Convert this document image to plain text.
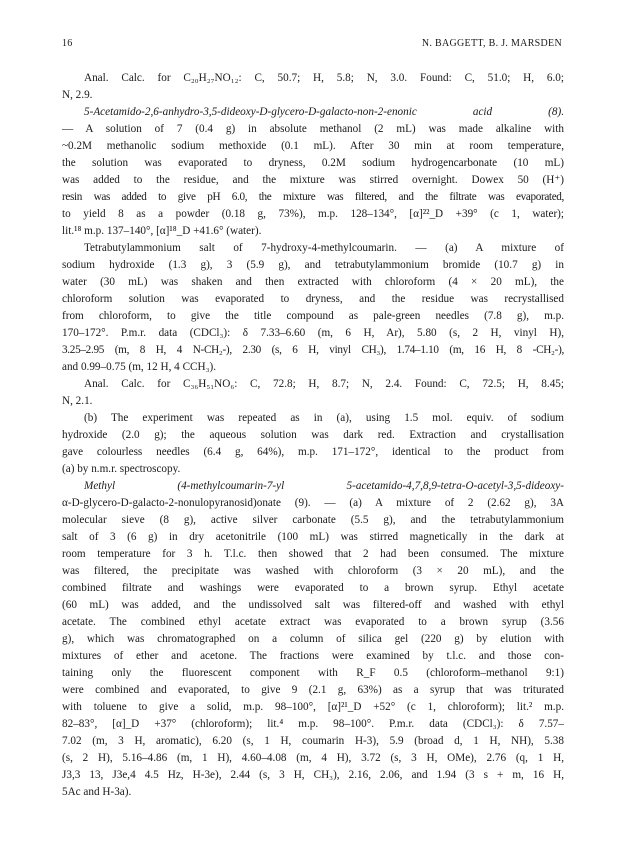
16	N. BAGGETT, B. J. MARSDEN
Anal. Calc. for C₂₀H₂₇NO₁₂: C, 50.7; H, 5.8; N, 3.0. Found: C, 51.0; H, 6.0;
N, 2.9.
5-Acetamido-2,6-anhydro-3,5-dideoxy-D-glycero-D-galacto-non-2-enonic acid (8).
— A solution of 7 (0.4 g) in absolute methanol (2 mL) was made alkaline with
~0.2M methanolic sodium methoxide (0.1 mL). After 30 min at room temperature,
the solution was evaporated to dryness, 0.2M sodium hydrogencarbonate (10 mL)
was added to the residue, and the mixture was stirred overnight. Dowex 50 (H⁺)
resin was added to give pH 6.0, the mixture was filtered, and the filtrate was evaporated,
to yield 8 as a powder (0.18 g, 73%), m.p. 128–134°, [α]²²_D +39° (c 1, water);
lit.¹⁸ m.p. 137–140°, [α]¹⁸_D +41.6° (water).
Tetrabutylammonium salt of 7-hydroxy-4-methylcoumarin. — (a) A mixture of
sodium hydroxide (1.3 g), 3 (5.9 g), and tetrabutylammonium bromide (10.7 g) in
water (30 mL) was shaken and then extracted with chloroform (4 × 20 mL), the
chloroform solution was evaporated to dryness, and the residue was recrystallised
from chloroform, to give the title compound as pale-green needles (7.8 g), m.p.
170–172°. P.m.r. data (CDCl₃): δ 7.33–6.60 (m, 6 H, Ar), 5.80 (s, 2 H, vinyl H),
3.25–2.95 (m, 8 H, 4 N-CH₂-), 2.30 (s, 6 H, vinyl CH₃), 1.74–1.10 (m, 16 H, 8 -CH₂-),
and 0.99–0.75 (m, 12 H, 4 CCH₃).
Anal. Calc. for C₃₆H₅₁NO₆: C, 72.8; H, 8.7; N, 2.4. Found: C, 72.5; H, 8.45;
N, 2.1.
(b) The experiment was repeated as in (a), using 1.5 mol. equiv. of sodium
hydroxide (2.0 g); the aqueous solution was dark red. Extraction and crystallisation
gave colourless needles (6.4 g, 64%), m.p. 171–172°, identical to the product from
(a) by n.m.r. spectroscopy.
Methyl (4-methylcoumarin-7-yl 5-acetamido-4,7,8,9-tetra-O-acetyl-3,5-dideoxy-
α-D-glycero-D-galacto-2-nonulopyranosid)onate (9). — (a) A mixture of 2 (2.62 g), 3A
molecular sieve (8 g), active silver carbonate (5.5 g), and the tetrabutylammonium
salt of 3 (6 g) in dry acetonitrile (100 mL) was stirred magnetically in the dark at
room temperature for 3 h. T.l.c. then showed that 2 had been consumed. The mixture
was filtered, the precipitate was washed with chloroform (3 × 20 mL), and the
combined filtrate and washings were evaporated to a brown syrup. Ethyl acetate
(60 mL) was added, and the undissolved salt was filtered-off and washed with ethyl
acetate. The combined ethyl acetate extract was evaporated to a brown syrup (3.56
g), which was chromatographed on a column of silica gel (220 g) by elution with
mixtures of ether and acetone. The fractions were examined by t.l.c. and those con-
taining only the fluorescent component with R_F 0.5 (chloroform–methanol 9:1)
were combined and evaporated, to give 9 (2.1 g, 63%) as a syrup that was triturated
with toluene to give a solid, m.p. 98–100°, [α]²¹_D +52° (c 1, chloroform); lit.² m.p.
82–83°, [α]_D +37° (chloroform); lit.⁴ m.p. 98–100°. P.m.r. data (CDCl₃): δ 7.57–
7.02 (m, 3 H, aromatic), 6.20 (s, 1 H, coumarin H-3), 5.9 (broad d, 1 H, NH), 5.38
(s, 2 H), 5.16–4.86 (m, 1 H), 4.60–4.08 (m, 4 H), 3.72 (s, 3 H, OMe), 2.76 (q, 1 H,
J3,3 13, J3e,4 4.5 Hz, H-3e), 2.44 (s, 3 H, CH₃), 2.16, 2.06, and 1.94 (3 s + m, 16 H,
5Ac and H-3a).
